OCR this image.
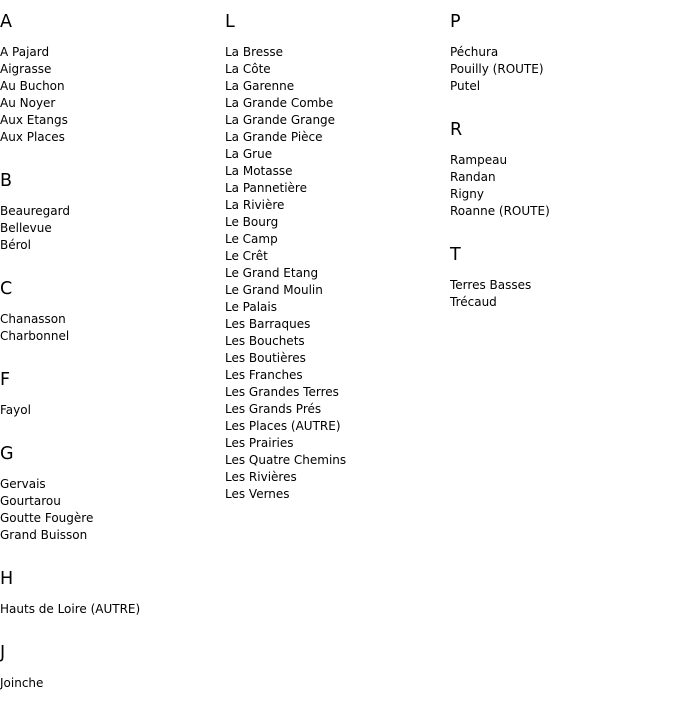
A
A Pajard
Aigrasse
Au Buchon
Au Noyer
Aux Etangs
Aux Places
B
Beauregard
Bellevue
Bérol
C
Chanasson
Charbonnel
F
Fayol
G
Gervais
Gourtarou
Goutte Fougère
Grand Buisson
H
Hauts de Loire (AUTRE)
J
Joinche
L
La Bresse
La Côte
La Garenne
La Grande Combe
La Grande Grange
La Grande Pièce
La Grue
La Motasse
La Pannetière
La Rivière
Le Bourg
Le Camp
Le Crêt
Le Grand Etang
Le Grand Moulin
Le Palais
Les Barraques
Les Bouchets
Les Boutières
Les Franches
Les Grandes Terres
Les Grands Prés
Les Places (AUTRE)
Les Prairies
Les Quatre Chemins
Les Rivières
Les Vernes
P
Péchura
Pouilly (ROUTE)
Putel
R
Rampeau
Randan
Rigny
Roanne (ROUTE)
T
Terres Basses
Trécaud
